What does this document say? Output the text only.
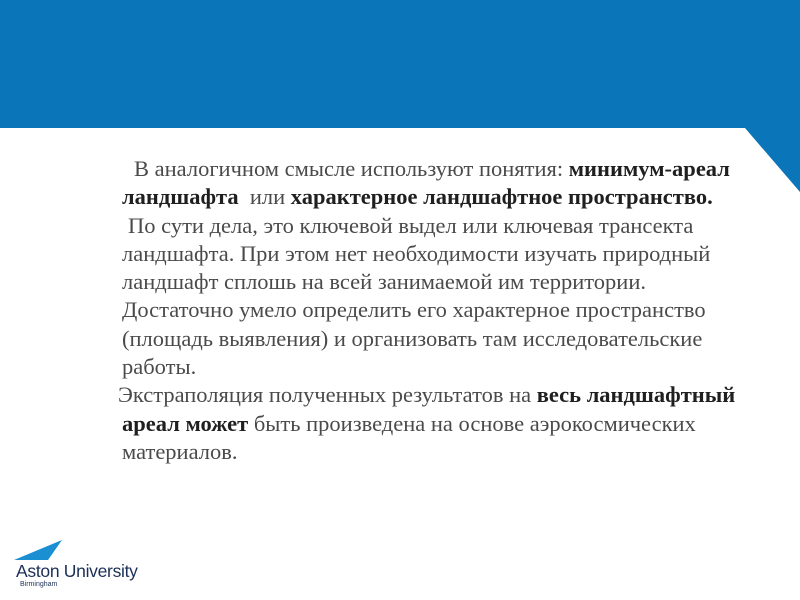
В аналогичном смысле используют понятия: минимум-ареал ландшафта  или характерное ландшафтное пространство.

По сути дела, это ключевой выдел или ключевая трансекта ландшафта. При этом нет необходимости изучать природный ландшафт сплошь на всей занимаемой им территории. Достаточно умело определить его характерное пространство (площадь выявления) и организовать там исследовательские работы.

Экстраполяция полученных результатов на весь ландшафтный ареал может быть произведена на основе аэрокосмических материалов.

Aston University
Birmingham
